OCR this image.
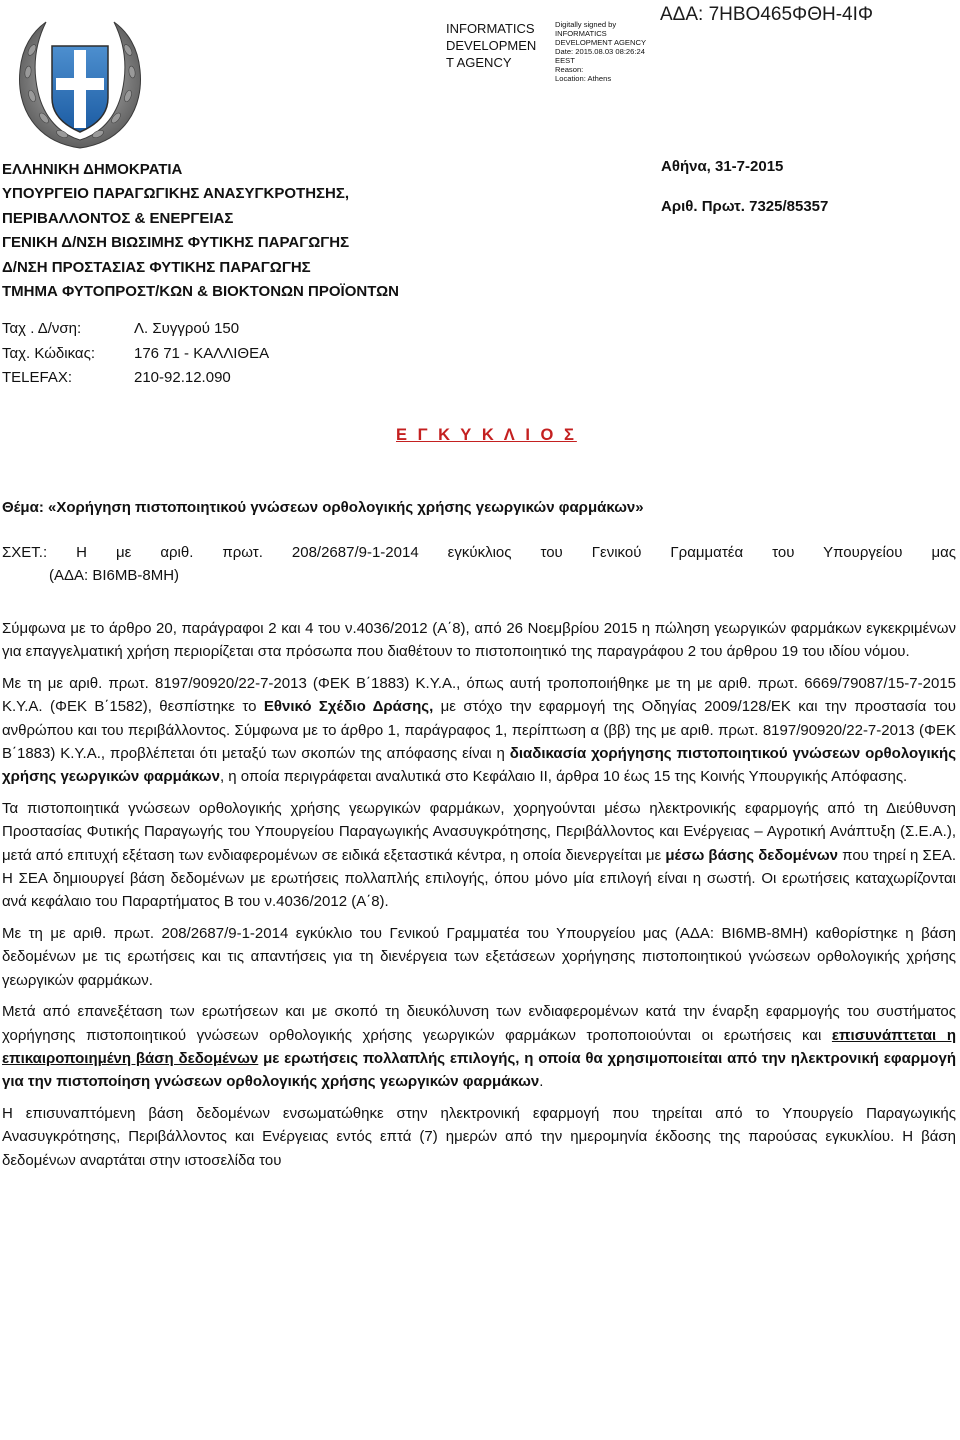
INFORMATICS
DEVELOPMEN
T AGENCY
Digitally signed by
INFORMATICS
DEVELOPMENT AGENCY
Date: 2015.08.03 08:26:24
EEST
Reason:
Location: Athens
ΑΔΑ: 7ΗΒΟ465ΦΘΗ-4ΙΦ
ΕΛΛΗΝΙΚΗ ΔΗΜΟΚΡΑΤΙΑ
ΥΠΟΥΡΓΕΙΟ ΠΑΡΑΓΩΓΙΚΗΣ ΑΝΑΣΥΓΚΡΟΤΗΣΗΣ,
ΠΕΡΙΒΑΛΛΟΝΤΟΣ & ΕΝΕΡΓΕΙΑΣ
ΓΕΝΙΚΗ Δ/ΝΣΗ ΒΙΩΣΙΜΗΣ ΦΥΤΙΚΗΣ ΠΑΡΑΓΩΓΗΣ
Δ/ΝΣΗ ΠΡΟΣΤΑΣΙΑΣ ΦΥΤΙΚΗΣ ΠΑΡΑΓΩΓΗΣ
ΤΜΗΜΑ ΦΥΤΟΠΡΟΣΤ/ΚΩΝ & ΒΙΟΚΤΟΝΩΝ ΠΡΟΪΟΝΤΩΝ
Αθήνα, 31-7-2015
Αριθ. Πρωτ. 7325/85357
Ταχ . Δ/νση:	Λ. Συγγρού 150
Ταχ. Κώδικας:	176 71 - ΚΑΛΛΙΘΕΑ
TELEFAX:	210-92.12.090
Ε Γ Κ Υ Κ Λ Ι Ο Σ
Θέμα: «Χορήγηση πιστοποιητικού γνώσεων ορθολογικής χρήσης γεωργικών φαρμάκων»
ΣΧΕΤ.: Η με αριθ. πρωτ. 208/2687/9-1-2014 εγκύκλιος του Γενικού Γραμματέα του Υπουργείου μας
(ΑΔΑ: ΒΙ6ΜΒ-8ΜΗ)

Σύμφωνα με το άρθρο 20, παράγραφοι 2 και 4 του ν.4036/2012 (Α΄8), από 26 Νοεμβρίου 2015 η πώληση γεωργικών φαρμάκων εγκεκριμένων για επαγγελματική χρήση περιορίζεται στα πρόσωπα που διαθέτουν το πιστοποιητικό της παραγράφου 2 του άρθρου 19 του ιδίου νόμου.

Με τη με αριθ. πρωτ. 8197/90920/22-7-2013 (ΦΕΚ Β΄1883) Κ.Υ.Α., όπως αυτή τροποποιήθηκε με τη με αριθ. πρωτ. 6669/79087/15-7-2015 Κ.Υ.Α. (ΦΕΚ Β΄1582), θεσπίστηκε το Εθνικό Σχέδιο Δράσης, με στόχο την εφαρμογή της Οδηγίας 2009/128/ΕΚ και την προστασία του ανθρώπου και του περιβάλλοντος. Σύμφωνα με το άρθρο 1, παράγραφος 1, περίπτωση α (ββ) της με αριθ. πρωτ. 8197/90920/22-7-2013 (ΦΕΚ Β΄1883) Κ.Υ.Α., προβλέπεται ότι μεταξύ των σκοπών της απόφασης είναι η διαδικασία χορήγησης πιστοποιητικού γνώσεων ορθολογικής χρήσης γεωργικών φαρμάκων, η οποία περιγράφεται αναλυτικά στο Κεφάλαιο ΙΙ, άρθρα 10 έως 15 της Κοινής Υπουργικής Απόφασης.

Τα πιστοποιητικά γνώσεων ορθολογικής χρήσης γεωργικών φαρμάκων, χορηγούνται μέσω ηλεκτρονικής εφαρμογής από τη Διεύθυνση Προστασίας Φυτικής Παραγωγής του Υπουργείου Παραγωγικής Ανασυγκρότησης, Περιβάλλοντος και Ενέργειας – Αγροτική Ανάπτυξη (Σ.Ε.Α.), μετά από επιτυχή εξέταση των ενδιαφερομένων σε ειδικά εξεταστικά κέντρα, η οποία διενεργείται με μέσω βάσης δεδομένων που τηρεί η ΣΕΑ. Η ΣΕΑ δημιουργεί βάση δεδομένων με ερωτήσεις πολλαπλής επιλογής, όπου μόνο μία επιλογή είναι η σωστή. Οι ερωτήσεις καταχωρίζονται ανά κεφάλαιο του Παραρτήματος Β του ν.4036/2012 (Α΄8).

Με τη με αριθ. πρωτ. 208/2687/9-1-2014 εγκύκλιο του Γενικού Γραμματέα του Υπουργείου μας (ΑΔΑ: ΒΙ6ΜΒ-8ΜΗ) καθορίστηκε η βάση δεδομένων με τις ερωτήσεις και τις απαντήσεις για τη διενέργεια των εξετάσεων χορήγησης πιστοποιητικού γνώσεων ορθολογικής χρήσης γεωργικών φαρμάκων.

Μετά από επανεξέταση των ερωτήσεων και με σκοπό τη διευκόλυνση των ενδιαφερομένων κατά την έναρξη εφαρμογής του συστήματος χορήγησης πιστοποιητικού γνώσεων ορθολογικής χρήσης γεωργικών φαρμάκων τροποποιούνται οι ερωτήσεις και επισυνάπτεται η επικαιροποιημένη βάση δεδομένων με ερωτήσεις πολλαπλής επιλογής, η οποία θα χρησιμοποιείται από την ηλεκτρονική εφαρμογή για την πιστοποίηση γνώσεων ορθολογικής χρήσης γεωργικών φαρμάκων.

Η επισυναπτόμενη βάση δεδομένων ενσωματώθηκε στην ηλεκτρονική εφαρμογή που τηρείται από το Υπουργείο Παραγωγικής Ανασυγκρότησης, Περιβάλλοντος και Ενέργειας εντός επτά (7) ημερών από την ημερομηνία έκδοσης της παρούσας εγκυκλίου. Η βάση δεδομένων αναρτάται στην ιστοσελίδα του
